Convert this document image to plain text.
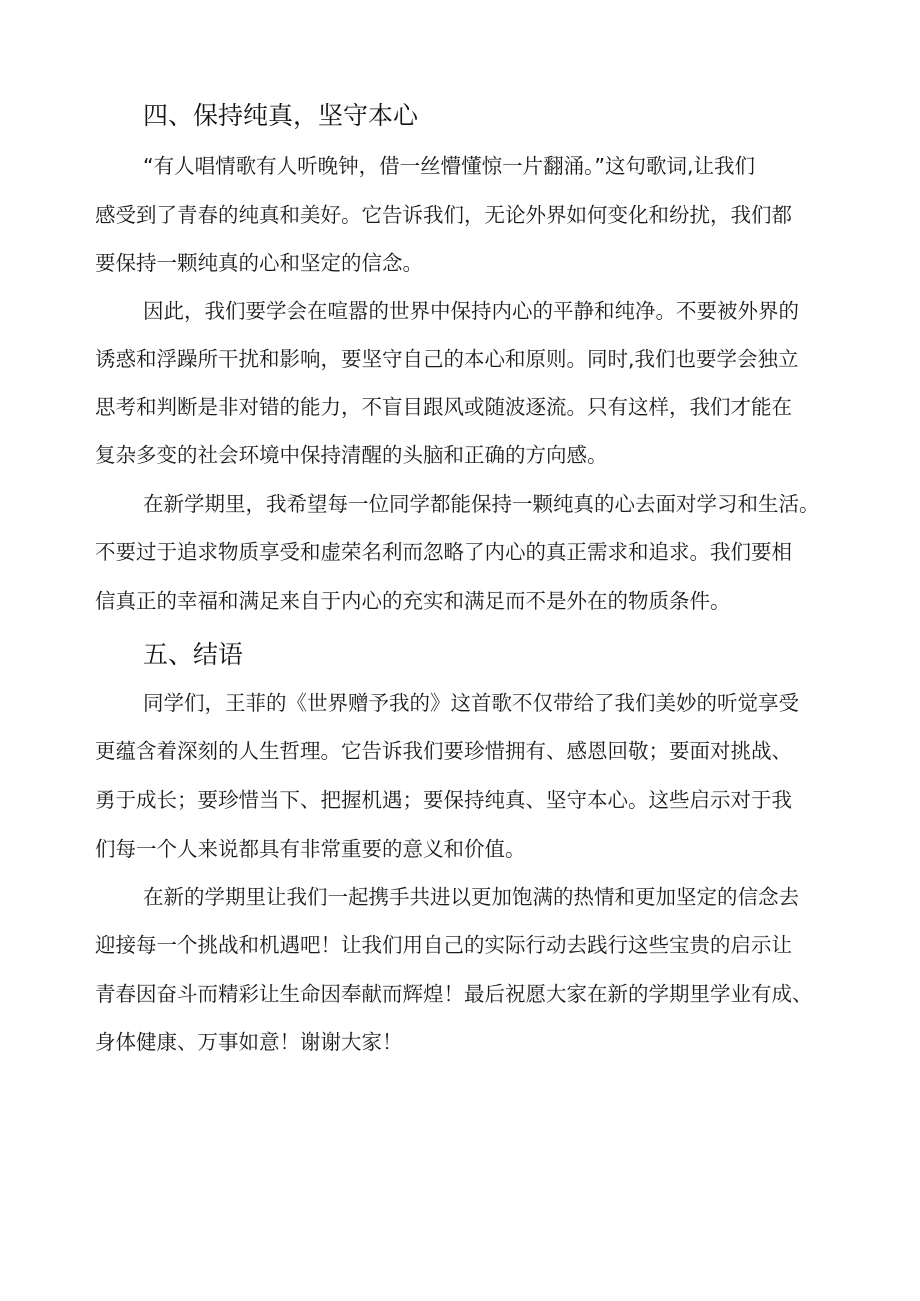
四、保持纯真，坚守本心

“有人唱情歌有人听晚钟，借一丝懵懂惊一片翻涌。”这句歌词,让我们

感受到了青春的纯真和美好。它告诉我们，无论外界如何变化和纷扰，我们都

要保持一颗纯真的心和坚定的信念。

因此，我们要学会在喧嚣的世界中保持内心的平静和纯净。不要被外界的

诱惑和浮躁所干扰和影响，要坚守自己的本心和原则。同时,我们也要学会独立

思考和判断是非对错的能力，不盲目跟风或随波逐流。只有这样，我们才能在

复杂多变的社会环境中保持清醒的头脑和正确的方向感。

在新学期里，我希望每一位同学都能保持一颗纯真的心去面对学习和生活。

不要过于追求物质享受和虚荣名利而忽略了内心的真正需求和追求。我们要相

信真正的幸福和满足来自于内心的充实和满足而不是外在的物质条件。

五、结语

同学们，王菲的《世界赠予我的》这首歌不仅带给了我们美妙的听觉享受

更蕴含着深刻的人生哲理。它告诉我们要珍惜拥有、感恩回敬；要面对挑战、

勇于成长；要珍惜当下、把握机遇；要保持纯真、坚守本心。这些启示对于我

们每一个人来说都具有非常重要的意义和价值。

在新的学期里让我们一起携手共进以更加饱满的热情和更加坚定的信念去

迎接每一个挑战和机遇吧！让我们用自己的实际行动去践行这些宝贵的启示让

青春因奋斗而精彩让生命因奉献而辉煌！最后祝愿大家在新的学期里学业有成、

身体健康、万事如意！谢谢大家！
